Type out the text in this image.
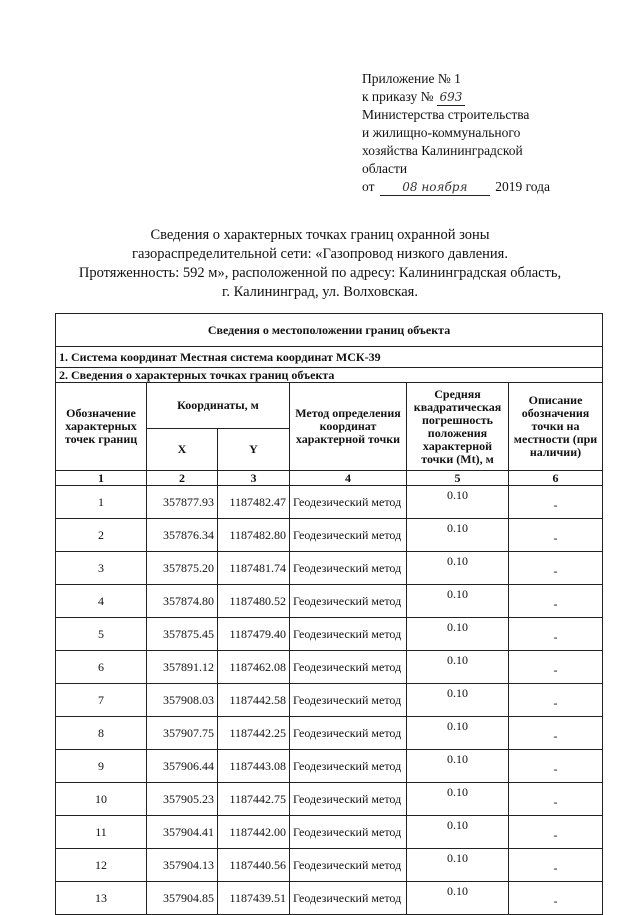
Приложение № 1
к приказу № 693
Министерства строительства
и жилищно-коммунального
хозяйства Калининградской
области
от 08 ноября 2019 года
Сведения о характерных точках границ охранной зоны
газораспределительной сети: «Газопровод низкого давления.
Протяженность: 592 м», расположенной по адресу: Калининградская область,
г. Калининград, ул. Волховская.
Сведения о местоположении границ объекта					
1. Система координат Местная система координат МСК-39					
2. Сведения о характерных точках границ объекта					
Обозначение характерных точек границ	Координаты, м		Метод определения координат характерной точки	Средняя квадратическая погрешность положения характерной точки (Mt), м	Описание обозначения точки на местности (при наличии)
	X	Y			
1	2	3	4	5	6
1	357877.93	1187482.47	Геодезический метод	0.10	-
2	357876.34	1187482.80	Геодезический метод	0.10	-
3	357875.20	1187481.74	Геодезический метод	0.10	-
4	357874.80	1187480.52	Геодезический метод	0.10	-
5	357875.45	1187479.40	Геодезический метод	0.10	-
6	357891.12	1187462.08	Геодезический метод	0.10	-
7	357908.03	1187442.58	Геодезический метод	0.10	-
8	357907.75	1187442.25	Геодезический метод	0.10	-
9	357906.44	1187443.08	Геодезический метод	0.10	-
10	357905.23	1187442.75	Геодезический метод	0.10	-
11	357904.41	1187442.00	Геодезический метод	0.10	-
12	357904.13	1187440.56	Геодезический метод	0.10	-
13	357904.85	1187439.51	Геодезический метод	0.10	-
